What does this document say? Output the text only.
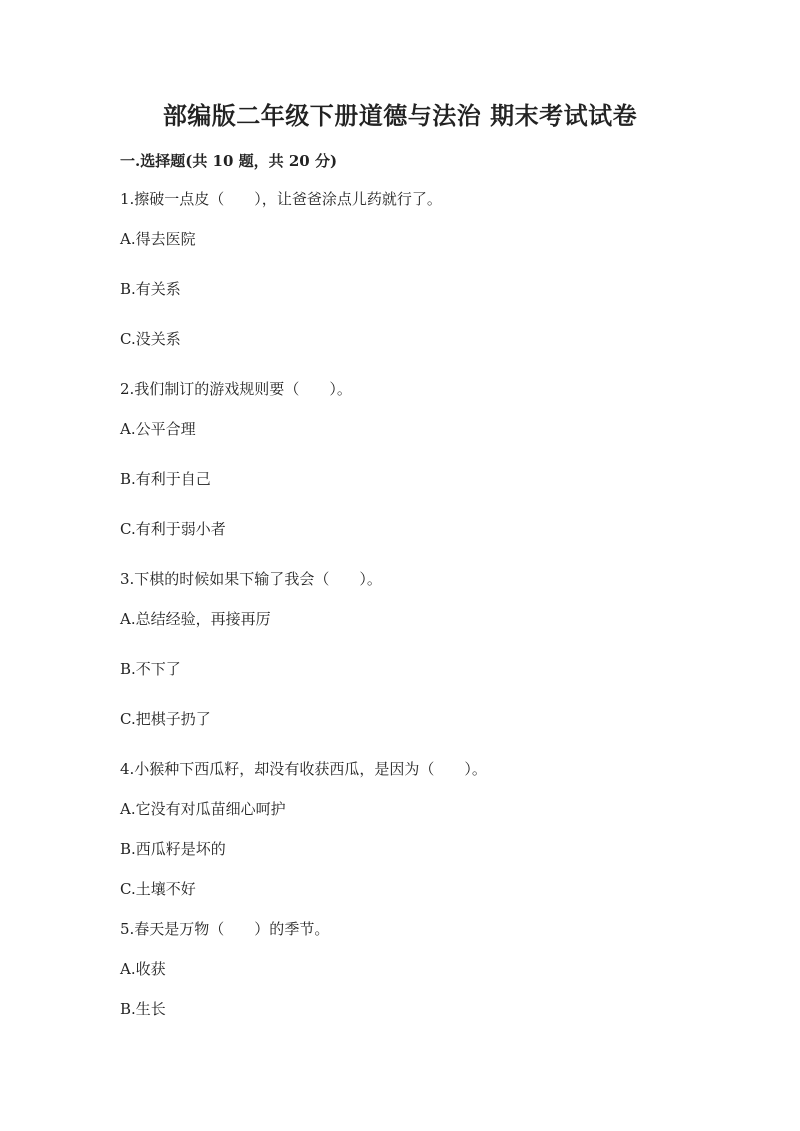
部编版二年级下册道德与法治 期末考试试卷
一.选择题(共 10 题，共 20 分)
1.擦破一点皮（　　），让爸爸涂点儿药就行了。
A.得去医院
B.有关系
C.没关系
2.我们制订的游戏规则要（　　）。
A.公平合理
B.有利于自己
C.有利于弱小者
3.下棋的时候如果下输了我会（　　）。
A.总结经验，再接再厉
B.不下了
C.把棋子扔了
4.小猴种下西瓜籽，却没有收获西瓜，是因为（　　）。
A.它没有对瓜苗细心呵护
B.西瓜籽是坏的
C.土壤不好
5.春天是万物（　　）的季节。
A.收获
B.生长
